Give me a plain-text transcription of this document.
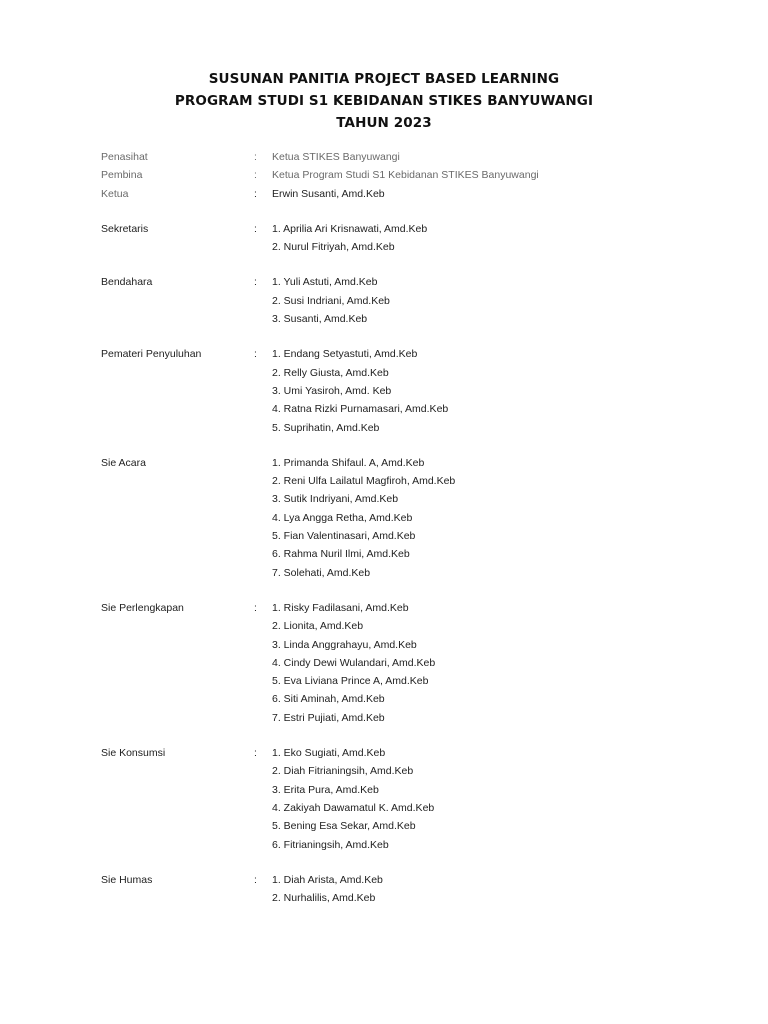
SUSUNAN PANITIA PROJECT BASED LEARNING
PROGRAM STUDI S1 KEBIDANAN STIKES BANYUWANGI
TAHUN 2023
Penasihat	: Ketua STIKES Banyuwangi
Pembina	: Ketua Program Studi S1 Kebidanan STIKES Banyuwangi
Ketua	: Erwin Susanti, Amd.Keb
Sekretaris	: 1. Aprilia Ari Krisnawati, Amd.Keb
2. Nurul Fitriyah, Amd.Keb
Bendahara	: 1. Yuli Astuti, Amd.Keb
2. Susi Indriani, Amd.Keb
3. Susanti, Amd.Keb
Pemateri Penyuluhan	: 1. Endang Setyastuti, Amd.Keb
2. Relly Giusta, Amd.Keb
3. Umi Yasiroh, Amd. Keb
4. Ratna Rizki Purnamasari, Amd.Keb
5. Suprihatin, Amd.Keb
Sie Acara	1. Primanda Shifaul. A, Amd.Keb
2. Reni Ulfa Lailatul Magfiroh, Amd.Keb
3. Sutik Indriyani, Amd.Keb
4. Lya Angga Retha, Amd.Keb
5. Fian Valentinasari, Amd.Keb
6. Rahma Nuril Ilmi, Amd.Keb
7. Solehati, Amd.Keb
Sie Perlengkapan	: 1. Risky Fadilasani, Amd.Keb
2. Lionita, Amd.Keb
3. Linda Anggrahayu, Amd.Keb
4. Cindy Dewi Wulandari, Amd.Keb
5. Eva Liviana Prince A, Amd.Keb
6. Siti Aminah, Amd.Keb
7. Estri Pujiati, Amd.Keb
Sie Konsumsi	: 1. Eko Sugiati, Amd.Keb
2. Diah Fitrianingsih, Amd.Keb
3. Erita Pura, Amd.Keb
4. Zakiyah Dawamatul K. Amd.Keb
5. Bening Esa Sekar, Amd.Keb
6. Fitrianingsih, Amd.Keb
Sie Humas	: 1. Diah Arista, Amd.Keb
2. Nurhalilis, Amd.Keb
